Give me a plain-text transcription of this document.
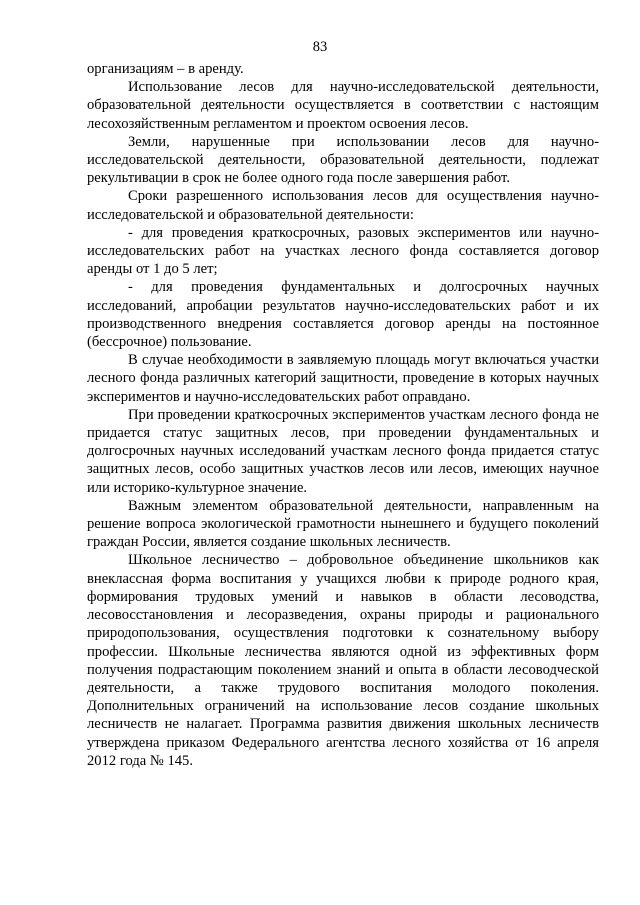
83

организациям – в аренду.

Использование лесов для научно-исследовательской деятельности, образовательной деятельности осуществляется в соответствии с настоящим лесохозяйственным регламентом и проектом освоения лесов.

Земли, нарушенные при использовании лесов для научно-исследовательской деятельности, образовательной деятельности, подлежат рекультивации в срок не более одного года после завершения работ.

Сроки разрешенного использования лесов для осуществления научно-исследовательской и образовательной деятельности:

- для проведения краткосрочных, разовых экспериментов или научно-исследовательских работ на участках лесного фонда составляется договор аренды от 1 до 5 лет;

- для проведения фундаментальных и долгосрочных научных исследований, апробации результатов научно-исследовательских работ и их производственного внедрения составляется договор аренды на постоянное (бессрочное) пользование.

В случае необходимости в заявляемую площадь могут включаться участки лесного фонда различных категорий защитности, проведение в которых научных экспериментов и научно-исследовательских работ оправдано.

При проведении краткосрочных экспериментов участкам лесного фонда не придается статус защитных лесов, при проведении фундаментальных и долгосрочных научных исследований участкам лесного фонда придается статус защитных лесов, особо защитных участков лесов или лесов, имеющих научное или историко-культурное значение.

Важным элементом образовательной деятельности, направленным на решение вопроса экологической грамотности нынешнего и будущего поколений граждан России, является создание школьных лесничеств.

Школьное лесничество – добровольное объединение школьников как внеклассная форма воспитания у учащихся любви к природе родного края, формирования трудовых умений и навыков в области лесоводства, лесовосстановления и лесоразведения, охраны природы и рационального природопользования, осуществления подготовки к сознательному выбору профессии. Школьные лесничества являются одной из эффективных форм получения подрастающим поколением знаний и опыта в области лесоводческой деятельности, а также трудового воспитания молодого поколения. Дополнительных ограничений на использование лесов создание школьных лесничеств не налагает. Программа развития движения школьных лесничеств утверждена приказом Федерального агентства лесного хозяйства от 16 апреля 2012 года № 145.
